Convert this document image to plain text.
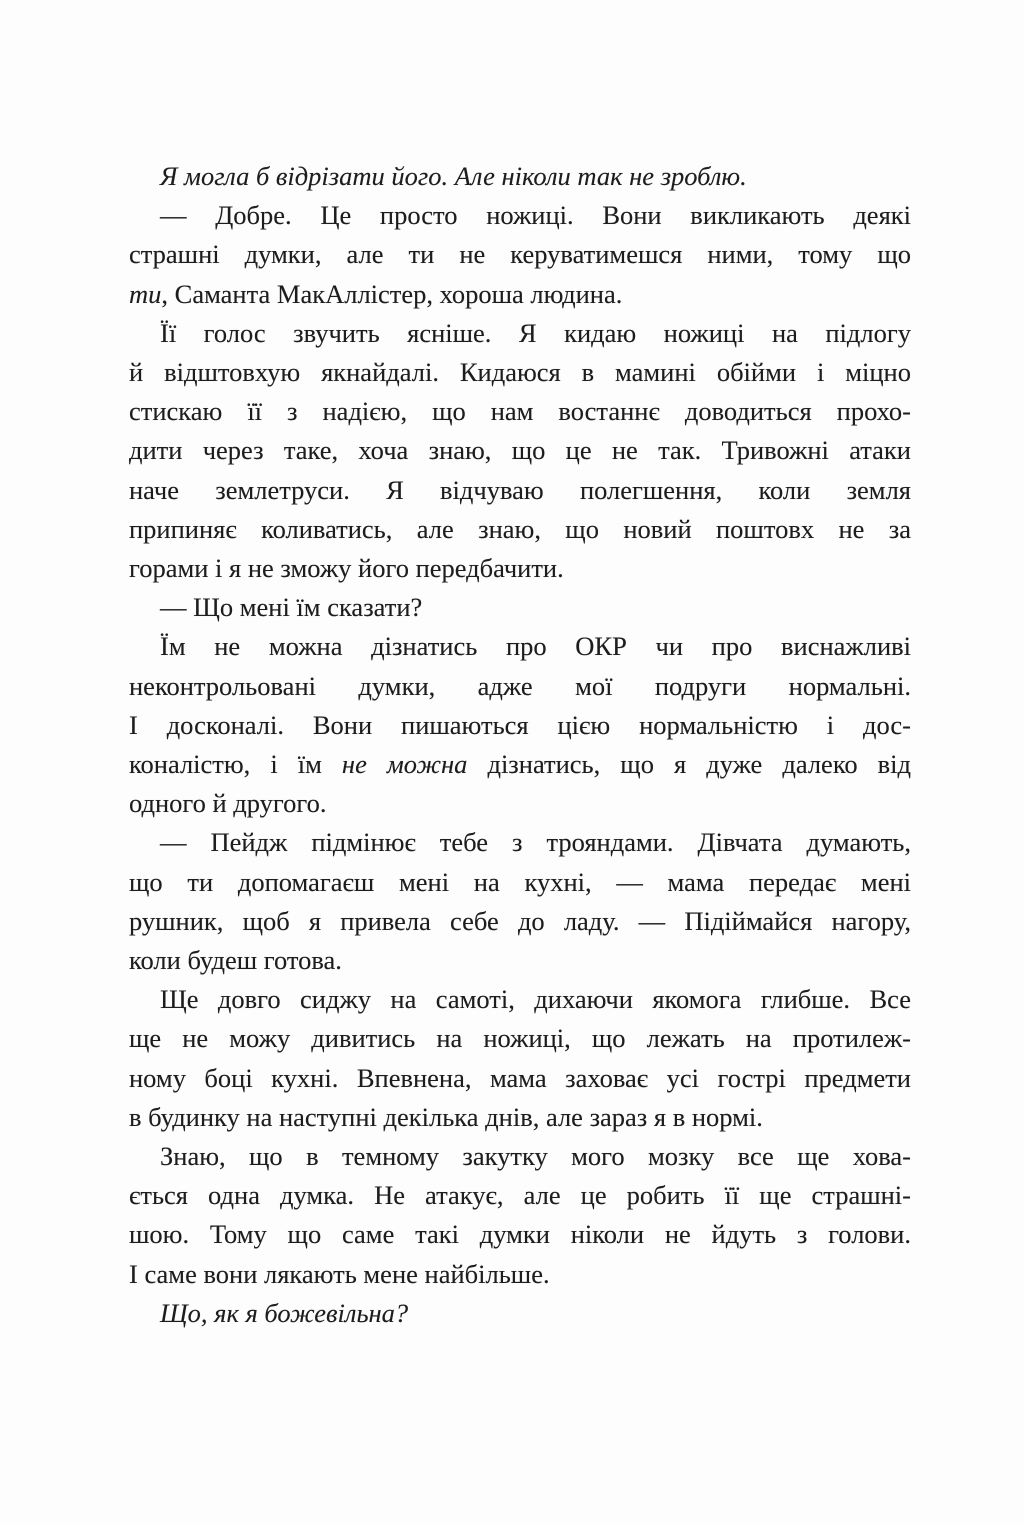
Я могла б відрізати його. Але ніколи так не зроблю.
— Добре. Це просто ножиці. Вони викликають деякі
страшні думки, але ти не керуватимешся ними, тому що
ти, Саманта МакАллістер, хороша людина.
Її голос звучить ясніше. Я кидаю ножиці на підлогу
й відштовхую якнайдалі. Кидаюся в мамині обійми і міцно
стискаю її з надією, що нам востаннє доводиться прохо-
дити через таке, хоча знаю, що це не так. Тривожні атаки
наче землетруси. Я відчуваю полегшення, коли земля
припиняє коливатись, але знаю, що новий поштовх не за
горами і я не зможу його передбачити.
— Що мені їм сказати?
Їм не можна дізнатись про ОКР чи про виснажливі
неконтрольовані думки, адже мої подруги нормальні.
І досконалі. Вони пишаються цією нормальністю і дос-
коналістю, і їм не можна дізнатись, що я дуже далеко від
одного й другого.
— Пейдж підмінює тебе з трояндами. Дівчата думають,
що ти допомагаєш мені на кухні, — мама передає мені
рушник, щоб я привела себе до ладу. — Підіймайся нагору,
коли будеш готова.
Ще довго сиджу на самоті, дихаючи якомога глибше. Все
ще не можу дивитись на ножиці, що лежать на протилеж-
ному боці кухні. Впевнена, мама заховає усі гострі предмети
в будинку на наступні декілька днів, але зараз я в нормі.
Знаю, що в темному закутку мого мозку все ще хова-
ється одна думка. Не атакує, але це робить її ще страшні-
шою. Тому що саме такі думки ніколи не йдуть з голови.
І саме вони лякають мене найбільше.
Що, як я божевільна?
